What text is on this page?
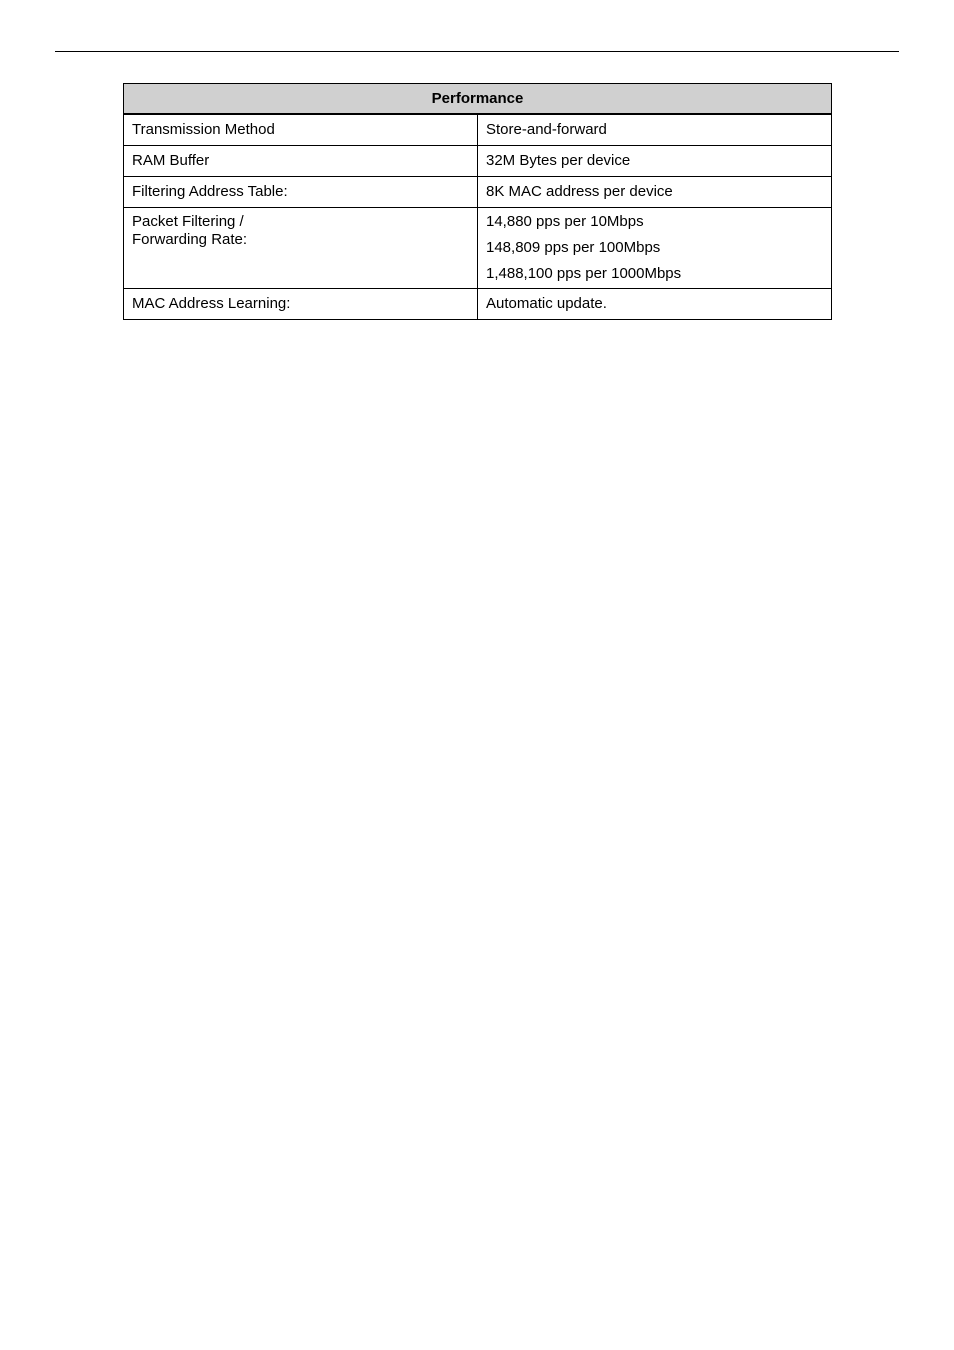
Performance	
Transmission Method	Store-and-forward

RAM Buffer	32M Bytes per device

Filtering Address Table:	8K MAC address per device

Packet Filtering /
Forwarding Rate:	14,880 pps per 10Mbps
148,809 pps per 100Mbps
1,488,100 pps per 1000Mbps

MAC Address Learning:	Automatic update.
